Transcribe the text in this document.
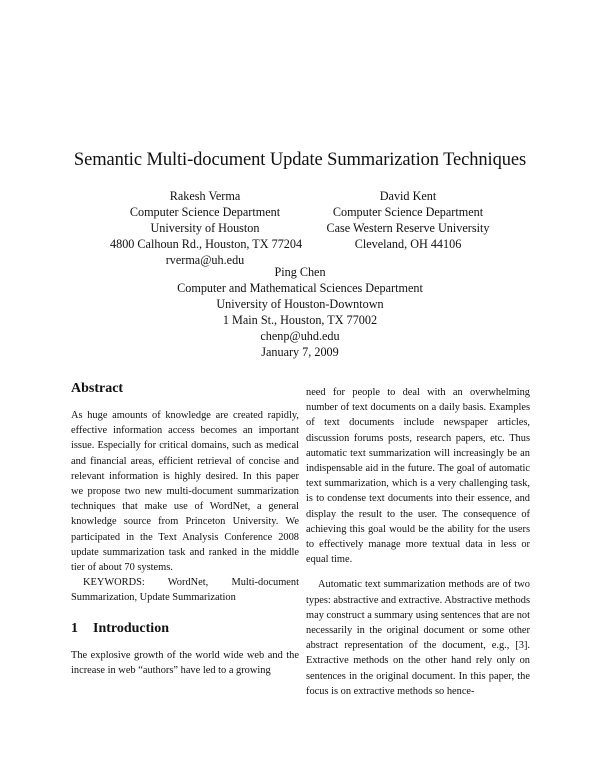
Semantic Multi-document Update Summarization Techniques
Rakesh Verma
Computer Science Department
University of Houston
4800 Calhoun Rd., Houston, TX 77204
rverma@uh.edu
David Kent
Computer Science Department
Case Western Reserve University
Cleveland, OH 44106
Ping Chen
Computer and Mathematical Sciences Department
University of Houston-Downtown
1 Main St., Houston, TX 77002
chenp@uhd.edu
January 7, 2009
Abstract

As huge amounts of knowledge are created rapidly, effective information access becomes an important issue. Especially for critical domains, such as medical and financial areas, efficient retrieval of concise and relevant information is highly desired. In this paper we propose two new multi-document summarization techniques that make use of WordNet, a general knowledge source from Princeton University. We participated in the Text Analysis Conference 2008 update summarization task and ranked in the middle tier of about 70 systems.

KEYWORDS: WordNet, Multi-document Summarization, Update Summarization

1 Introduction

The explosive growth of the world wide web and the increase in web “authors” have led to a growing

need for people to deal with an overwhelming number of text documents on a daily basis. Examples of text documents include newspaper articles, discussion forums posts, research papers, etc. Thus automatic text summarization will increasingly be an indispensable aid in the future. The goal of automatic text summarization, which is a very challenging task, is to condense text documents into their essence, and display the result to the user. The consequence of achieving this goal would be the ability for the users to effectively manage more textual data in less or equal time.

Automatic text summarization methods are of two types: abstractive and extractive. Abstractive methods may construct a summary using sentences that are not necessarily in the original document or some other abstract representation of the document, e.g., [3]. Extractive methods on the other hand rely only on sentences in the original document. In this paper, the focus is on extractive methods so hence-
